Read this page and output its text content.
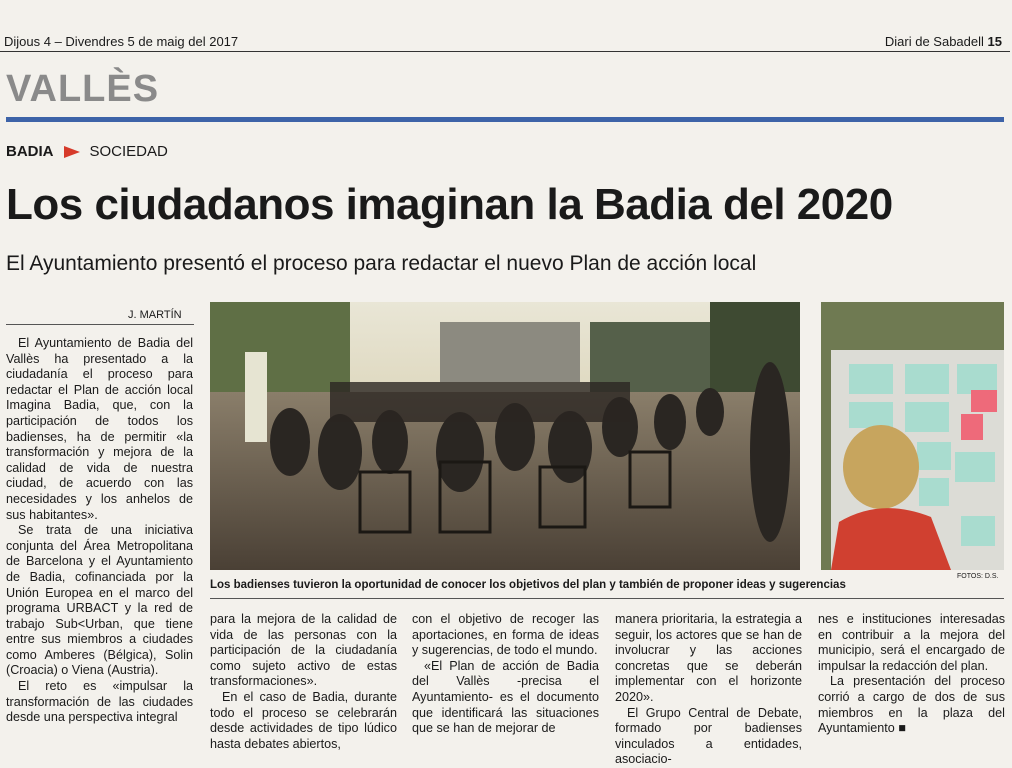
Dijous 4 – Divendres 5 de maig del 2017	Diari de Sabadell 15
VALLÈS
BADIA SOCIEDAD
Los ciudadanos imaginan la Badia del 2020
El Ayuntamiento presentó el proceso para redactar el nuevo Plan de acción local
J. MARTÍN

El Ayuntamiento de Badia del Vallès ha presentado a la ciudadanía el proceso para redactar el Plan de acción local Imagina Badia, que, con la participación de todos los badienses, ha de permitir «la transformación y mejora de la calidad de vida de nuestra ciudad, de acuerdo con las necesidades y los anhelos de sus habitantes».

Se trata de una iniciativa conjunta del Área Metropolitana de Barcelona y el Ayuntamiento de Badia, cofinanciada por la Unión Europea en el marco del programa URBACT y la red de trabajo Sub<Urban, que tiene entre sus miembros a ciudades como Amberes (Bélgica), Solin (Croacia) o Viena (Austria).

El reto es «impulsar la transformación de las ciudades desde una perspectiva integral

Los badienses tuvieron la oportunidad de conocer los objetivos del plan y también de proponer ideas y sugerencias
FOTOS: D.S.

para la mejora de la calidad de vida de las personas con la participación de la ciudadanía como sujeto activo de estas transformaciones».

En el caso de Badia, durante todo el proceso se celebrarán desde actividades de tipo lúdico hasta debates abiertos,

con el objetivo de recoger las aportaciones, en forma de ideas y sugerencias, de todo el mundo.

«El Plan de acción de Badia del Vallès -precisa el Ayuntamiento- es el documento que identificará las situaciones que se han de mejorar de

manera prioritaria, la estrategia a seguir, los actores que se han de involucrar y las acciones concretas que se deberán implementar con el horizonte 2020».

El Grupo Central de Debate, formado por badienses vinculados a entidades, asociacio-

nes e instituciones interesadas en contribuir a la mejora del municipio, será el encargado de impulsar la redacción del plan.

La presentación del proceso corrió a cargo de dos de sus miembros en la plaza del Ayuntamiento ■
